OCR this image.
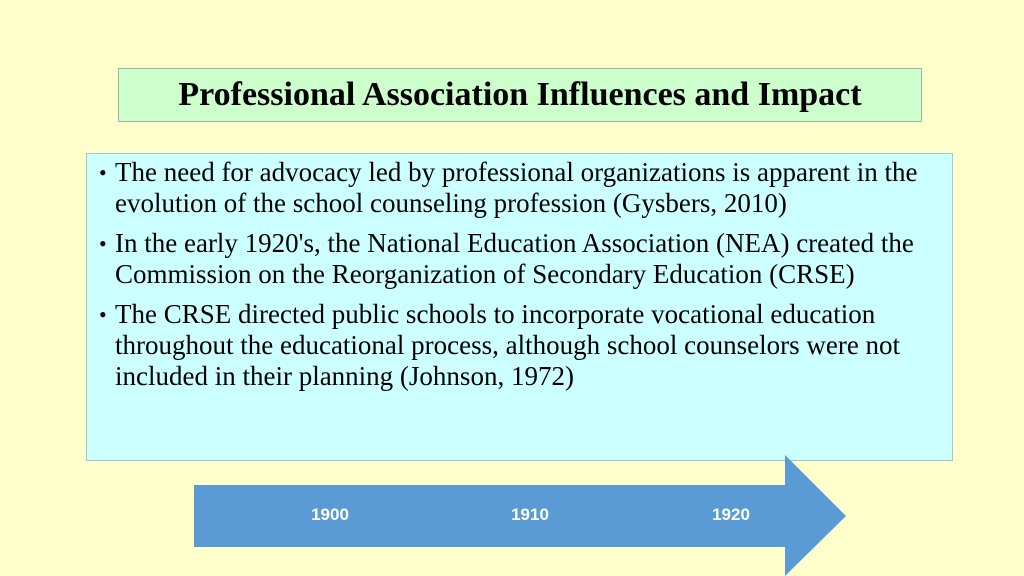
Professional Association Influences and Impact
• The need for advocacy led by professional organizations is apparent in the evolution of the school counseling profession (Gysbers, 2010)
• In the early 1920's, the National Education Association (NEA) created the Commission on the Reorganization of Secondary Education (CRSE)
• The CRSE directed public schools to incorporate vocational education throughout the educational process, although school counselors were not included in their planning (Johnson, 1972)
1900	1910	1920
